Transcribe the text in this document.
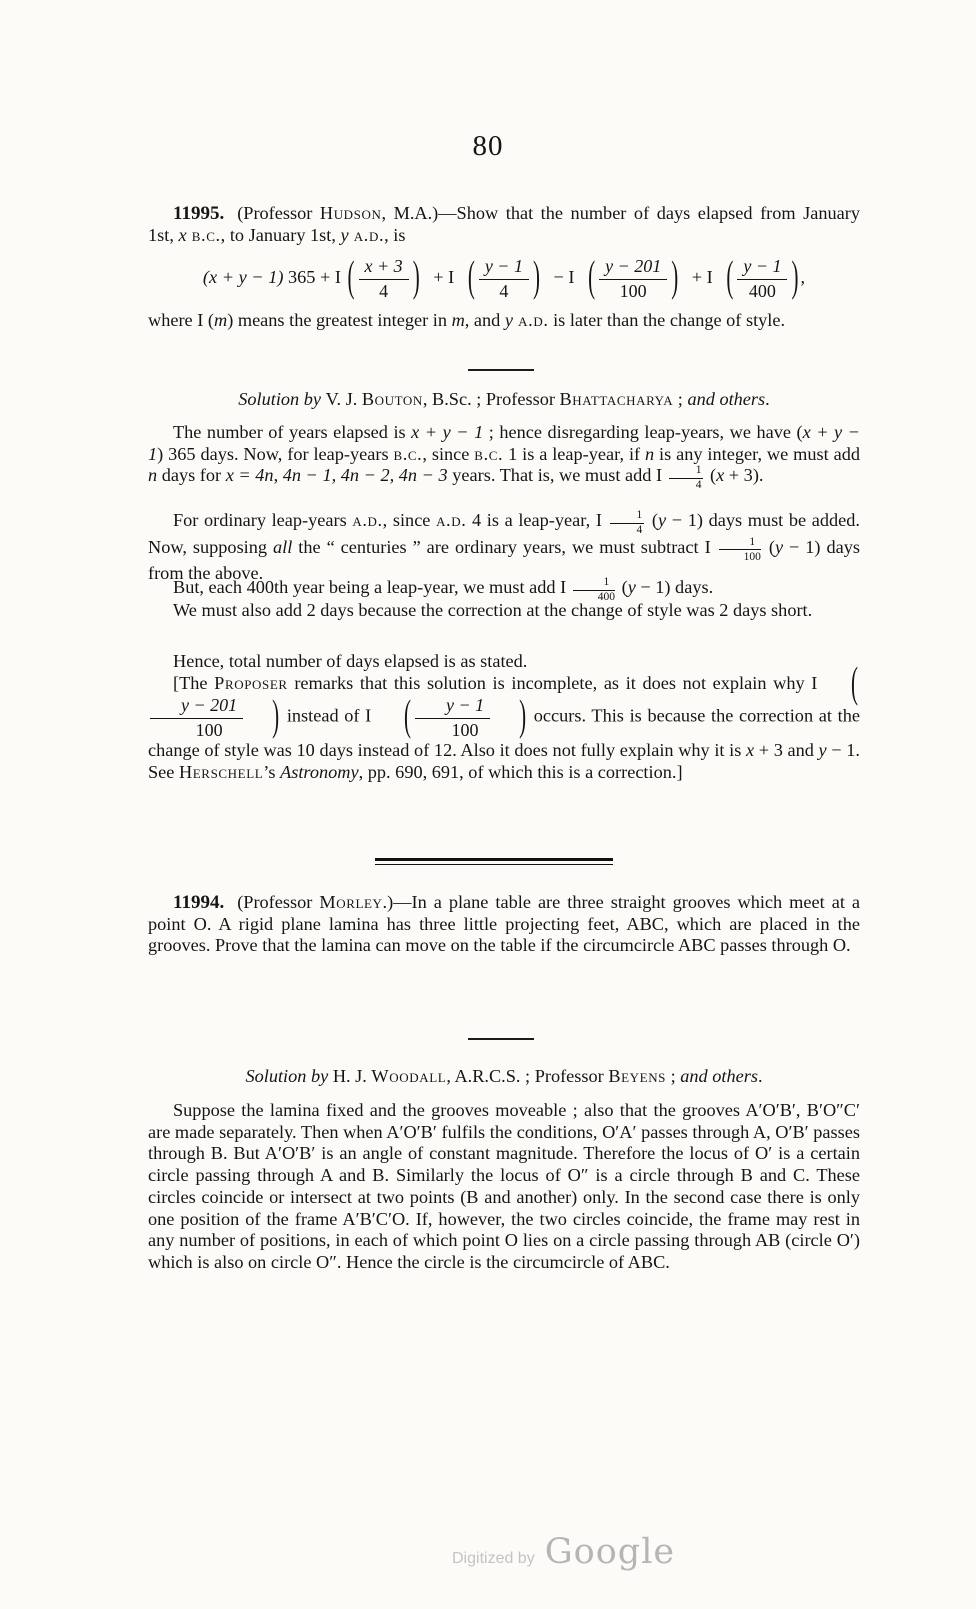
80

11995. (Professor Hudson, M.A.)—Show that the number of days elapsed from January 1st, x b.c., to January 1st, y a.d., is

(x + y − 1) 365 + I ( $\frac{x + 3}{4}$ ) + I ( $\frac{y - 1}{4}$ ) − I ( $\frac{y - 201}{100}$ ) + I ( $\frac{y - 1}{400}$ ) ,

where I (m) means the greatest integer in m, and y a.d. is later than the change of style.

Solution by V. J. Bouton, B.Sc. ; Professor Bhattacharya ; and others.

The number of years elapsed is x + y − 1 ; hence disregarding leap-years, we have (x + y − 1) 365 days. Now, for leap-years b.c., since b.c. 1 is a leap-year, if n is any integer, we must add n days for x = 4n, 4n − 1, 4n − 2, 4n − 3 years. That is, we must add I $\frac{1}{4} (x + 3)$.

For ordinary leap-years a.d., since a.d. 4 is a leap-year, I $\frac{1}{4} (y - 1)$ days must be added. Now, supposing all the “ centuries ” are ordinary years, we must subtract I $\frac{1}{100} (y - 1)$ days from the above.

But, each 400th year being a leap-year, we must add I $\frac{1}{400} (y - 1)$ days.

We must also add 2 days because the correction at the change of style was 2 days short.

Hence, total number of days elapsed is as stated.

[The Proposer remarks that this solution is incomplete, as it does not explain why I (
$\frac{y - 201}{100}$ ) instead of I ( $\frac{y - 1}{100}$ ) occurs. This is because the correction at the change of style was 10 days instead of 12. Also it does not fully explain why it is x + 3 and y − 1. See Herschell’s Astronomy, pp. 690, 691, of which this is a correction.]

11994. (Professor Morley.)—In a plane table are three straight grooves which meet at a point O. A rigid plane lamina has three little projecting feet, ABC, which are placed in the grooves. Prove that the lamina can move on the table if the circumcircle ABC passes through O.

Solution by H. J. Woodall, A.R.C.S. ; Professor Beyens ; and others.

Suppose the lamina fixed and the grooves moveable ; also that the grooves A′O′B′, B′O″C′ are made separately. Then when A′O′B′ fulfils the conditions, O′A′ passes through A, O′B′ passes through B. But A′O′B′ is an angle of constant magnitude. Therefore the locus of O′ is a certain circle passing through A and B. Similarly the locus of O″ is a circle through B and C. These circles coincide or intersect at two points (B and another) only. In the second case there is only one position of the frame A′B′C′O. If, however, the two circles coincide, the frame may rest in any number of positions, in each of which point O lies on a circle passing through AB (circle O′) which is also on circle O″. Hence the circle is the circumcircle of ABC.

Digitized by Google
